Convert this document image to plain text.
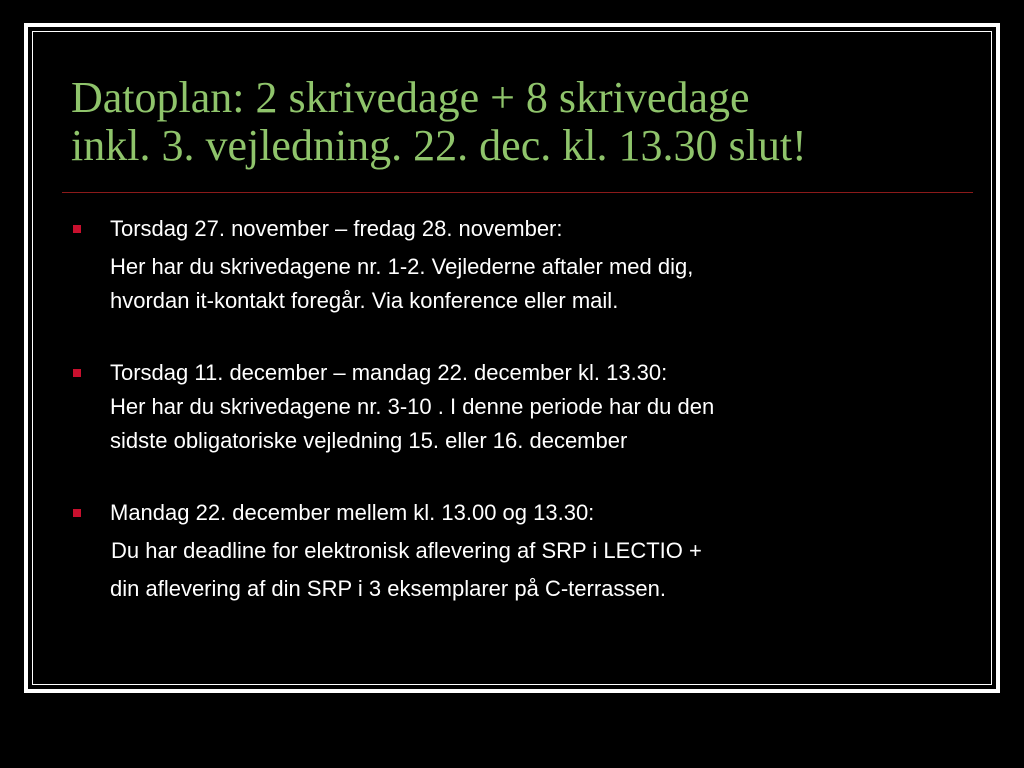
Datoplan: 2 skrivedage + 8 skrivedage
inkl. 3. vejledning. 22. dec. kl. 13.30 slut!
Torsdag 27. november – fredag 28. november:
Her har du skrivedagene nr. 1-2. Vejlederne aftaler med dig,
hvordan it-kontakt foregår. Via konference eller mail.
Torsdag 11. december – mandag 22. december kl. 13.30:
Her har du skrivedagene nr. 3-10 . I denne periode har du den
sidste obligatoriske vejledning 15. eller 16. december
Mandag 22. december mellem kl. 13.00 og 13.30:
Du har deadline for elektronisk aflevering af SRP i LECTIO +
din aflevering af din SRP i 3 eksemplarer på C-terrassen.
